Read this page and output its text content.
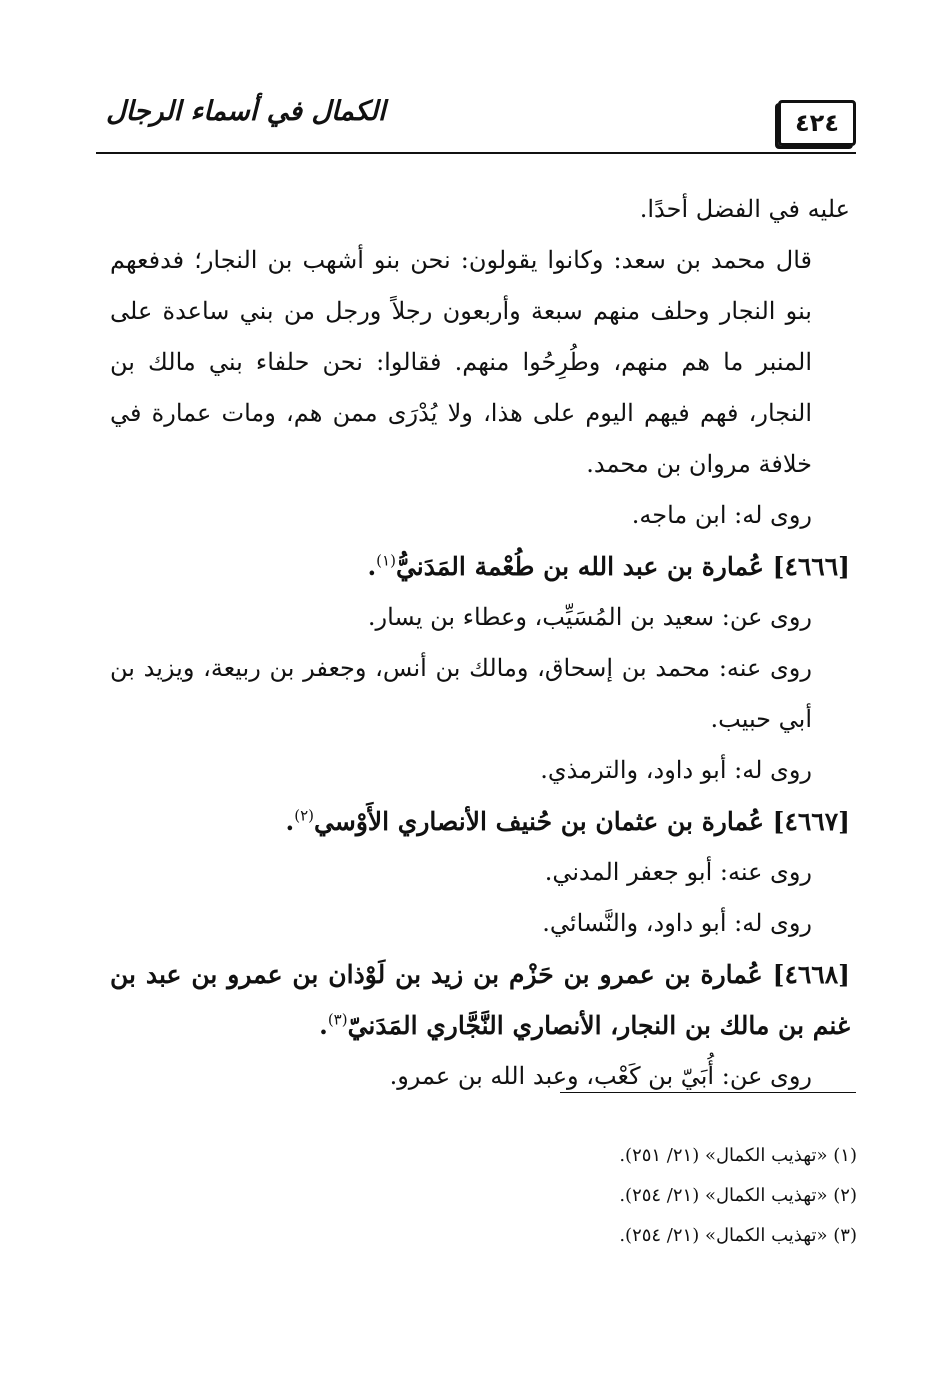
٤٢٤
الكمال في أسماء الرجال

عليه في الفضل أحدًا.

قال محمد بن سعد: وكانوا يقولون: نحن بنو أشهب بن النجار؛ فدفعهم بنو النجار وحلف منهم سبعة وأربعون رجلاً ورجل من بني ساعدة على المنبر ما هم منهم، وطُرِحُوا منهم. فقالوا: نحن حلفاء بني مالك بن النجار، فهم فيهم اليوم على هذا، ولا يُدْرَى ممن هم، ومات عمارة في خلافة مروان بن محمد.

روى له: ابن ماجه.

[٤٦٦٦] عُمارة بن عبد الله بن طُعْمة المَدَنيُّ$^{(١)}$.

روى عن: سعيد بن المُسَيِّب، وعطاء بن يسار.

روى عنه: محمد بن إسحاق، ومالك بن أنس، وجعفر بن ربيعة، ويزيد بن أبي حبيب.

روى له: أبو داود، والترمذي.

[٤٦٦٧] عُمارة بن عثمان بن حُنيف الأنصاري الأَوْسي$^{(٢)}$.

روى عنه: أبو جعفر المدني.

روى له: أبو داود، والنَّسائي.

[٤٦٦٨] عُمارة بن عمرو بن حَزْم بن زيد بن لَوْذان بن عمرو بن عبد بن غنم بن مالك بن النجار، الأنصاري النَّجَّاري المَدَنيّ$^{(٣)}$.

روى عن: أُبَيّ بن كَعْب، وعبد الله بن عمرو.

(١) «تهذيب الكمال» (٢١/ ٢٥١).

(٢) «تهذيب الكمال» (٢١/ ٢٥٤).

(٣) «تهذيب الكمال» (٢١/ ٢٥٤).
